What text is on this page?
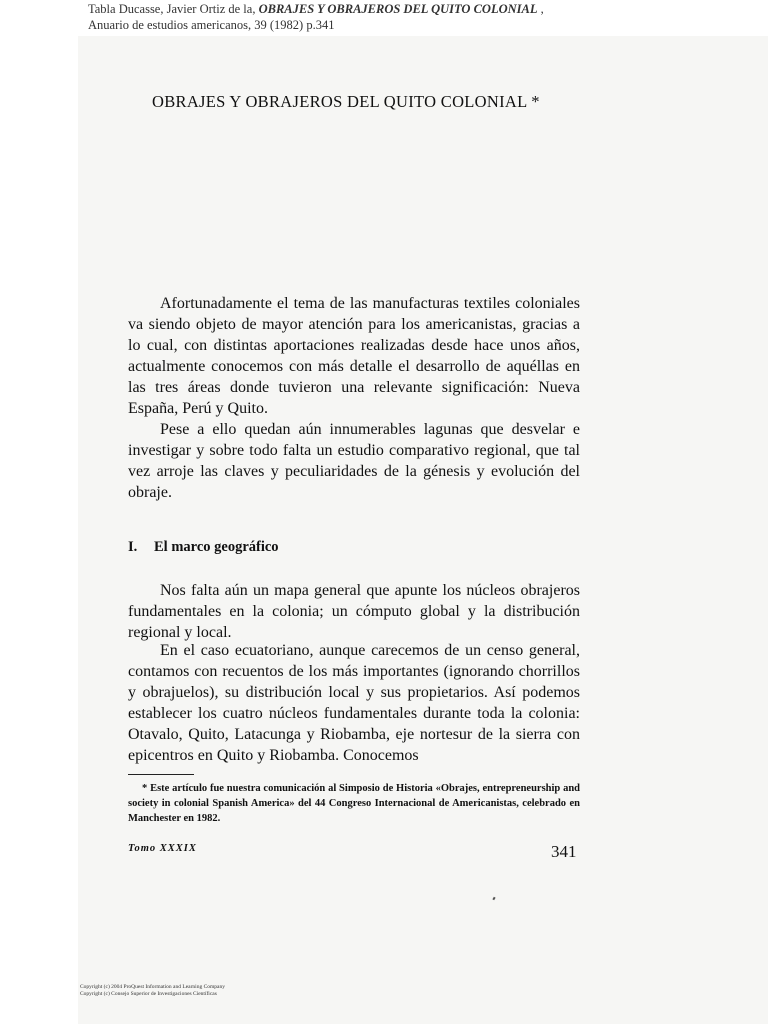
Tabla Ducasse, Javier Ortiz de la, OBRAJES Y OBRAJEROS DEL QUITO COLONIAL ,
Anuario de estudios americanos, 39 (1982) p.341
OBRAJES Y OBRAJEROS DEL QUITO COLONIAL *

Afortunadamente el tema de las manufacturas textiles coloniales va siendo objeto de mayor atención para los americanistas, gracias a lo cual, con distintas aportaciones realizadas desde hace unos años, actualmente conocemos con más detalle el desarrollo de aquéllas en las tres áreas donde tuvieron una relevante significación: Nueva España, Perú y Quito.

Pese a ello quedan aún innumerables lagunas que desvelar e investigar y sobre todo falta un estudio comparativo regional, que tal vez arroje las claves y peculiaridades de la génesis y evolución del obraje.

I. El marco geográfico

Nos falta aún un mapa general que apunte los núcleos obrajeros fundamentales en la colonia; un cómputo global y la distribución regional y local.

En el caso ecuatoriano, aunque carecemos de un censo general, contamos con recuentos de los más importantes (ignorando chorrillos y obrajuelos), su distribución local y sus propietarios. Así podemos establecer los cuatro núcleos fundamentales durante toda la colonia: Otavalo, Quito, Latacunga y Riobamba, eje nortesur de la sierra con epicentros en Quito y Riobamba. Conocemos

* Este artículo fue nuestra comunicación al Simposio de Historia «Obrajes, entrepreneurship and society in colonial Spanish America» del 44 Congreso Internacional de Americanistas, celebrado en Manchester en 1982.

Tomo XXXIX	341
Copyright (c) 2004 ProQuest Information and Learning Company
Copyright (c) Consejo Superior de Investigaciones Científicas
